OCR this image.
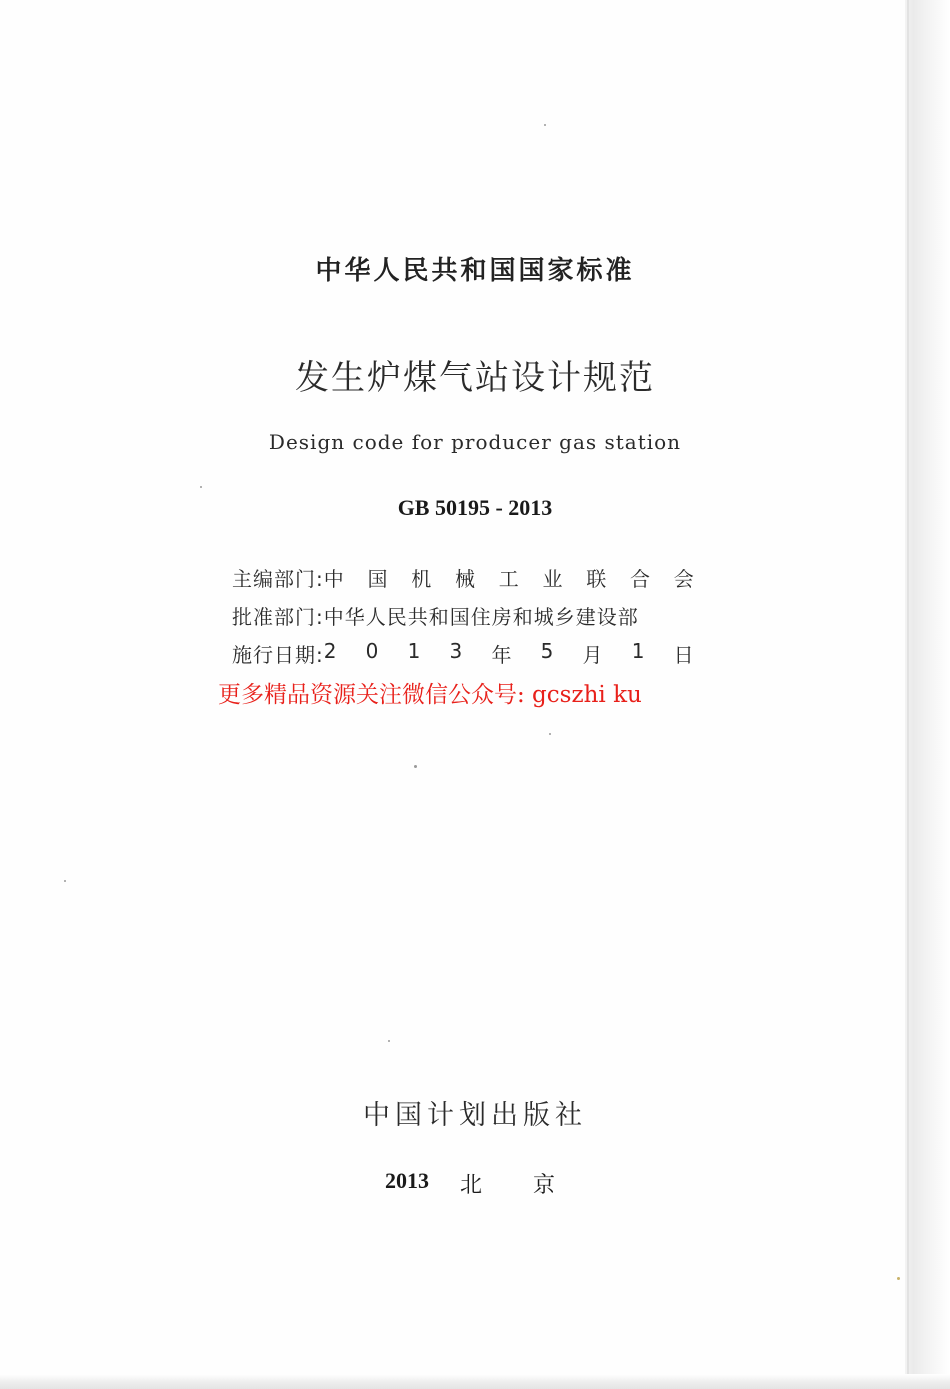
中华人民共和国国家标准
发生炉煤气站设计规范
Design code for producer gas station
GB 50195 - 2013
主编部门: 中 国 机 械 工 业 联 合 会
批准部门: 中华人民共和国住房和城乡建设部
施行日期: 2 0 1 3 年 5 月 1 日
更多精品资源关注微信公众号: gcszhi ku
中国计划出版社
2013	北 京
